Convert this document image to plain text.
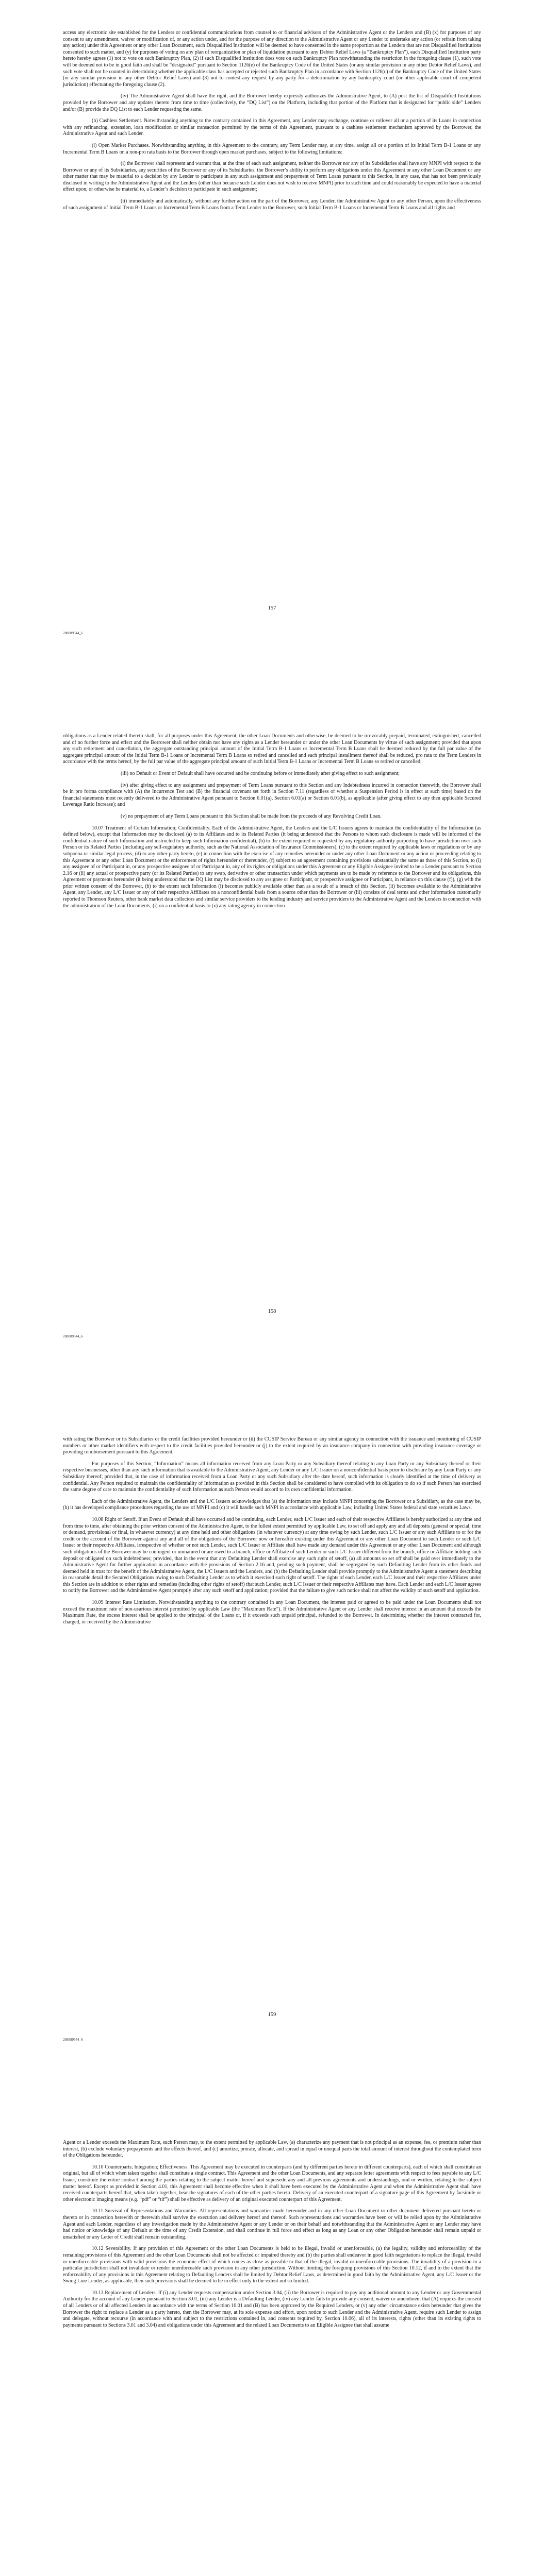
access any electronic site established for the Lenders or confidential communications from counsel to or financial advisors of the Administrative Agent or the Lenders and (B) (x) for purposes of any consent to any amendment, waiver or modification of, or any action under, and for the purpose of any direction to the Administrative Agent or any Lender to undertake any action (or refrain from taking any action) under this Agreement or any other Loan Document, each Disqualified Institution will be deemed to have consented in the same proportion as the Lenders that are not Disqualified Institutions consented to such matter, and (y) for purposes of voting on any plan of reorganization or plan of liquidation pursuant to any Debtor Relief Laws (a “Bankruptcy Plan”), each Disqualified Institution party hereto hereby agrees (1) not to vote on such Bankruptcy Plan, (2) if such Disqualified Institution does vote on such Bankruptcy Plan notwithstanding the restriction in the foregoing clause (1), such vote will be deemed not to be in good faith and shall be “designated” pursuant to Section 1126(e) of the Bankruptcy Code of the United States (or any similar provision in any other Debtor Relief Laws), and such vote shall not be counted in determining whether the applicable class has accepted or rejected such Bankruptcy Plan in accordance with Section 1126(c) of the Bankruptcy Code of the United States (or any similar provision in any other Debtor Relief Laws) and (3) not to contest any request by any party for a determination by any bankruptcy court (or other applicable court of competent jurisdiction) effectuating the foregoing clause (2).

(iv) The Administrative Agent shall have the right, and the Borrower hereby expressly authorizes the Administrative Agent, to (A) post the list of Disqualified Institutions provided by the Borrower and any updates thereto from time to time (collectively, the “DQ List”) on the Platform, including that portion of the Platform that is designated for “public side” Lenders and/or (B) provide the DQ List to each Lender requesting the same.

(h) Cashless Settlement. Notwithstanding anything to the contrary contained in this Agreement, any Lender may exchange, continue or rollover all or a portion of its Loans in connection with any refinancing, extension, loan modification or similar transaction permitted by the terms of this Agreement, pursuant to a cashless settlement mechanism approved by the Borrower, the Administrative Agent and such Lender.

(i) Open Market Purchases. Notwithstanding anything in this Agreement to the contrary, any Term Lender may, at any time, assign all or a portion of its Initial Term B-1 Loans or any Incremental Term B Loans on a non-pro rata basis to the Borrower through open market purchases, subject to the following limitations:

(i) the Borrower shall represent and warrant that, at the time of each such assignment, neither the Borrower nor any of its Subsidiaries shall have any MNPI with respect to the Borrower or any of its Subsidiaries, any securities of the Borrower or any of its Subsidiaries, the Borrower’s ability to perform any obligations under this Agreement or any other Loan Document or any other matter that may be material to a decision by any Lender to participate in any such assignment and prepayment of Term Loans pursuant to this Section, in any case, that has not been previously disclosed in writing to the Administrative Agent and the Lenders (other than because such Lender does not wish to receive MNPI) prior to such time and could reasonably be expected to have a material effect upon, or otherwise be material to, a Lender’s decision to participate in such assignment;

(ii) immediately and automatically, without any further action on the part of the Borrower, any Lender, the Administrative Agent or any other Person, upon the effectiveness of such assignment of Initial Term B-1 Loans or Incremental Term B Loans from a Term Lender to the Borrower, such Initial Term B-1 Loans or Incremental Term B Loans and all rights and

157
208889544_6

obligations as a Lender related thereto shall, for all purposes under this Agreement, the other Loan Documents and otherwise, be deemed to be irrevocably prepaid, terminated, extinguished, cancelled and of no further force and effect and the Borrower shall neither obtain nor have any rights as a Lender hereunder or under the other Loan Documents by virtue of such assignment; provided that upon any such retirement and cancellation, the aggregate outstanding principal amount of the Initial Term B-1 Loans or Incremental Term B Loans shall be deemed reduced by the full par value of the aggregate principal amount of the Initial Term B-1 Loans or Incremental Term B Loans so retired and cancelled and each principal installment thereof shall be reduced, pro rata to the Term Lenders in accordance with the terms hereof, by the full par value of the aggregate principal amount of such Initial Term B-1 Loans or Incremental Term B Loans so retired or cancelled;

(iii) no Default or Event of Default shall have occurred and be continuing before or immediately after giving effect to such assignment;

(iv) after giving effect to any assignment and prepayment of Term Loans pursuant to this Section and any Indebtedness incurred in connection therewith, the Borrower shall be in pro forma compliance with (A) the Incurrence Test and (B) the financial covenant set forth in Section 7.11 (regardless of whether a Suspension Period is in effect at such time) based on the financial statements most recently delivered to the Administrative Agent pursuant to Section 6.01(a), Section 6.01(a) or Section 6.01(b), as applicable (after giving effect to any then applicable Secured Leverage Ratio Increase); and

(v) no prepayment of any Term Loans pursuant to this Section shall be made from the proceeds of any Revolving Credit Loan.

10.07 Treatment of Certain Information; Confidentiality. Each of the Administrative Agent, the Lenders and the L/C Issuers agrees to maintain the confidentiality of the Information (as defined below), except that Information may be disclosed (a) to its Affiliates and to its Related Parties (it being understood that the Persons to whom such disclosure is made will be informed of the confidential nature of such Information and instructed to keep such Information confidential), (b) to the extent required or requested by any regulatory authority purporting to have jurisdiction over such Person or its Related Parties (including any self-regulatory authority, such as the National Association of Insurance Commissioners), (c) to the extent required by applicable laws or regulations or by any subpoena or similar legal process, (d) to any other party hereto, (e) in connection with the exercise of any remedies hereunder or under any other Loan Document or any action or proceeding relating to this Agreement or any other Loan Document or the enforcement of rights hereunder or thereunder, (f) subject to an agreement containing provisions substantially the same as those of this Section, to (i) any assignee of or Participant in, or any prospective assignee of or Participant in, any of its rights or obligations under this Agreement or any Eligible Assignee invited to be a Lender pursuant to Section 2.16 or (ii) any actual or prospective party (or its Related Parties) to any swap, derivative or other transaction under which payments are to be made by reference to the Borrower and its obligations, this Agreement or payments hereunder (it being understood that the DQ List may be disclosed to any assignee or Participant, or prospective assignee or Participant, in reliance on this clause (f)), (g) with the prior written consent of the Borrower, (h) to the extent such Information (i) becomes publicly available other than as a result of a breach of this Section, (ii) becomes available to the Administrative Agent, any Lender, any L/C Issuer or any of their respective Affiliates on a nonconfidential basis from a source other than the Borrower or (iii) consists of deal terms and other information customarily reported to Thomson Reuters, other bank market data collectors and similar service providers to the lending industry and service providers to the Administrative Agent and the Lenders in connection with the administration of the Loan Documents, (i) on a confidential basis to (x) any rating agency in connection

158
208889544_6

with rating the Borrower or its Subsidiaries or the credit facilities provided hereunder or (ii) the CUSIP Service Bureau or any similar agency in connection with the issuance and monitoring of CUSIP numbers or other market identifiers with respect to the credit facilities provided hereunder or (j) to the extent required by an insurance company in connection with providing insurance coverage or providing reimbursement pursuant to this Agreement.

For purposes of this Section, “Information” means all information received from any Loan Party or any Subsidiary thereof relating to any Loan Party or any Subsidiary thereof or their respective businesses, other than any such information that is available to the Administrative Agent, any Lender or any L/C Issuer on a nonconfidential basis prior to disclosure by any Loan Party or any Subsidiary thereof; provided that, in the case of information received from a Loan Party or any such Subsidiary after the date hereof, such information is clearly identified at the time of delivery as confidential. Any Person required to maintain the confidentiality of Information as provided in this Section shall be considered to have complied with its obligation to do so if such Person has exercised the same degree of care to maintain the confidentiality of such Information as such Person would accord to its own confidential information.

Each of the Administrative Agent, the Lenders and the L/C Issuers acknowledges that (a) the Information may include MNPI concerning the Borrower or a Subsidiary, as the case may be, (b) it has developed compliance procedures regarding the use of MNPI and (c) it will handle such MNPI in accordance with applicable Law, including United States federal and state securities Laws.

10.08 Right of Setoff. If an Event of Default shall have occurred and be continuing, each Lender, each L/C Issuer and each of their respective Affiliates is hereby authorized at any time and from time to time, after obtaining the prior written consent of the Administrative Agent, to the fullest extent permitted by applicable Law, to set off and apply any and all deposits (general or special, time or demand, provisional or final, in whatever currency) at any time held and other obligations (in whatever currency) at any time owing by such Lender, such L/C Issuer or any such Affiliate to or for the credit or the account of the Borrower against any and all of the obligations of the Borrower now or hereafter existing under this Agreement or any other Loan Document to such Lender or such L/C Issuer or their respective Affiliates, irrespective of whether or not such Lender, such L/C Issuer or Affiliate shall have made any demand under this Agreement or any other Loan Document and although such obligations of the Borrower may be contingent or unmatured or are owed to a branch, office or Affiliate of such Lender or such L/C Issuer different from the branch, office or Affiliate holding such deposit or obligated on such indebtedness; provided, that in the event that any Defaulting Lender shall exercise any such right of setoff, (a) all amounts so set off shall be paid over immediately to the Administrative Agent for further application in accordance with the provisions of Section 2.16 and, pending such payment, shall be segregated by such Defaulting Lender from its other funds and deemed held in trust for the benefit of the Administrative Agent, the L/C Issuers and the Lenders, and (b) the Defaulting Lender shall provide promptly to the Administrative Agent a statement describing in reasonable detail the Secured Obligations owing to such Defaulting Lender as to which it exercised such right of setoff. The rights of each Lender, each L/C Issuer and their respective Affiliates under this Section are in addition to other rights and remedies (including other rights of setoff) that such Lender, such L/C Issuer or their respective Affiliates may have. Each Lender and each L/C Issuer agrees to notify the Borrower and the Administrative Agent promptly after any such setoff and application; provided that the failure to give such notice shall not affect the validity of such setoff and application.

10.09 Interest Rate Limitation. Notwithstanding anything to the contrary contained in any Loan Document, the interest paid or agreed to be paid under the Loan Documents shall not exceed the maximum rate of non-usurious interest permitted by applicable Law (the “Maximum Rate”). If the Administrative Agent or any Lender shall receive interest in an amount that exceeds the Maximum Rate, the excess interest shall be applied to the principal of the Loans or, if it exceeds such unpaid principal, refunded to the Borrower. In determining whether the interest contracted for, charged, or received by the Administrative

159
208889544_6

Agent or a Lender exceeds the Maximum Rate, such Person may, to the extent permitted by applicable Law, (a) characterize any payment that is not principal as an expense, fee, or premium rather than interest, (b) exclude voluntary prepayments and the effects thereof, and (c) amortize, prorate, allocate, and spread in equal or unequal parts the total amount of interest throughout the contemplated term of the Obligations hereunder.

10.10 Counterparts; Integration; Effectiveness. This Agreement may be executed in counterparts (and by different parties hereto in different counterparts), each of which shall constitute an original, but all of which when taken together shall constitute a single contract. This Agreement and the other Loan Documents, and any separate letter agreements with respect to fees payable to any L/C Issuer, constitute the entire contract among the parties relating to the subject matter hereof and supersede any and all previous agreements and understandings, oral or written, relating to the subject matter hereof. Except as provided in Section 4.01, this Agreement shall become effective when it shall have been executed by the Administrative Agent and when the Administrative Agent shall have received counterparts hereof that, when taken together, bear the signatures of each of the other parties hereto. Delivery of an executed counterpart of a signature page of this Agreement by facsimile or other electronic imaging means (e.g. “pdf” or “tif”) shall be effective as delivery of an original executed counterpart of this Agreement.

10.11 Survival of Representations and Warranties. All representations and warranties made hereunder and in any other Loan Document or other document delivered pursuant hereto or thereto or in connection herewith or therewith shall survive the execution and delivery hereof and thereof. Such representations and warranties have been or will be relied upon by the Administrative Agent and each Lender, regardless of any investigation made by the Administrative Agent or any Lender or on their behalf and notwithstanding that the Administrative Agent or any Lender may have had notice or knowledge of any Default at the time of any Credit Extension, and shall continue in full force and effect as long as any Loan or any other Obligation hereunder shall remain unpaid or unsatisfied or any Letter of Credit shall remain outstanding.

10.12 Severability. If any provision of this Agreement or the other Loan Documents is held to be illegal, invalid or unenforceable, (a) the legality, validity and enforceability of the remaining provisions of this Agreement and the other Loan Documents shall not be affected or impaired thereby and (b) the parties shall endeavor in good faith negotiations to replace the illegal, invalid or unenforceable provisions with valid provisions the economic effect of which comes as close as possible to that of the illegal, invalid or unenforceable provisions. The invalidity of a provision in a particular jurisdiction shall not invalidate or render unenforceable such provision in any other jurisdiction. Without limiting the foregoing provisions of this Section 10.12, if and to the extent that the enforceability of any provisions in this Agreement relating to Defaulting Lenders shall be limited by Debtor Relief Laws, as determined in good faith by the Administrative Agent, any L/C Issuer or the Swing Line Lender, as applicable, then such provisions shall be deemed to be in effect only to the extent not so limited.

10.13 Replacement of Lenders. If (i) any Lender requests compensation under Section 3.04, (ii) the Borrower is required to pay any additional amount to any Lender or any Governmental Authority for the account of any Lender pursuant to Section 3.01, (iii) any Lender is a Defaulting Lender, (iv) any Lender fails to provide any consent, waiver or amendment that (A) requires the consent of all Lenders or of all affected Lenders in accordance with the terms of Section 10.01 and (B) has been approved by the Required Lenders, or (v) any other circumstance exists hereunder that gives the Borrower the right to replace a Lender as a party hereto, then the Borrower may, at its sole expense and effort, upon notice to such Lender and the Administrative Agent, require such Lender to assign and delegate, without recourse (in accordance with and subject to the restrictions contained in, and consents required by, Section 10.06), all of its interests, rights (other than its existing rights to payments pursuant to Sections 3.01 and 3.04) and obligations under this Agreement and the related Loan Documents to an Eligible Assignee that shall assume
